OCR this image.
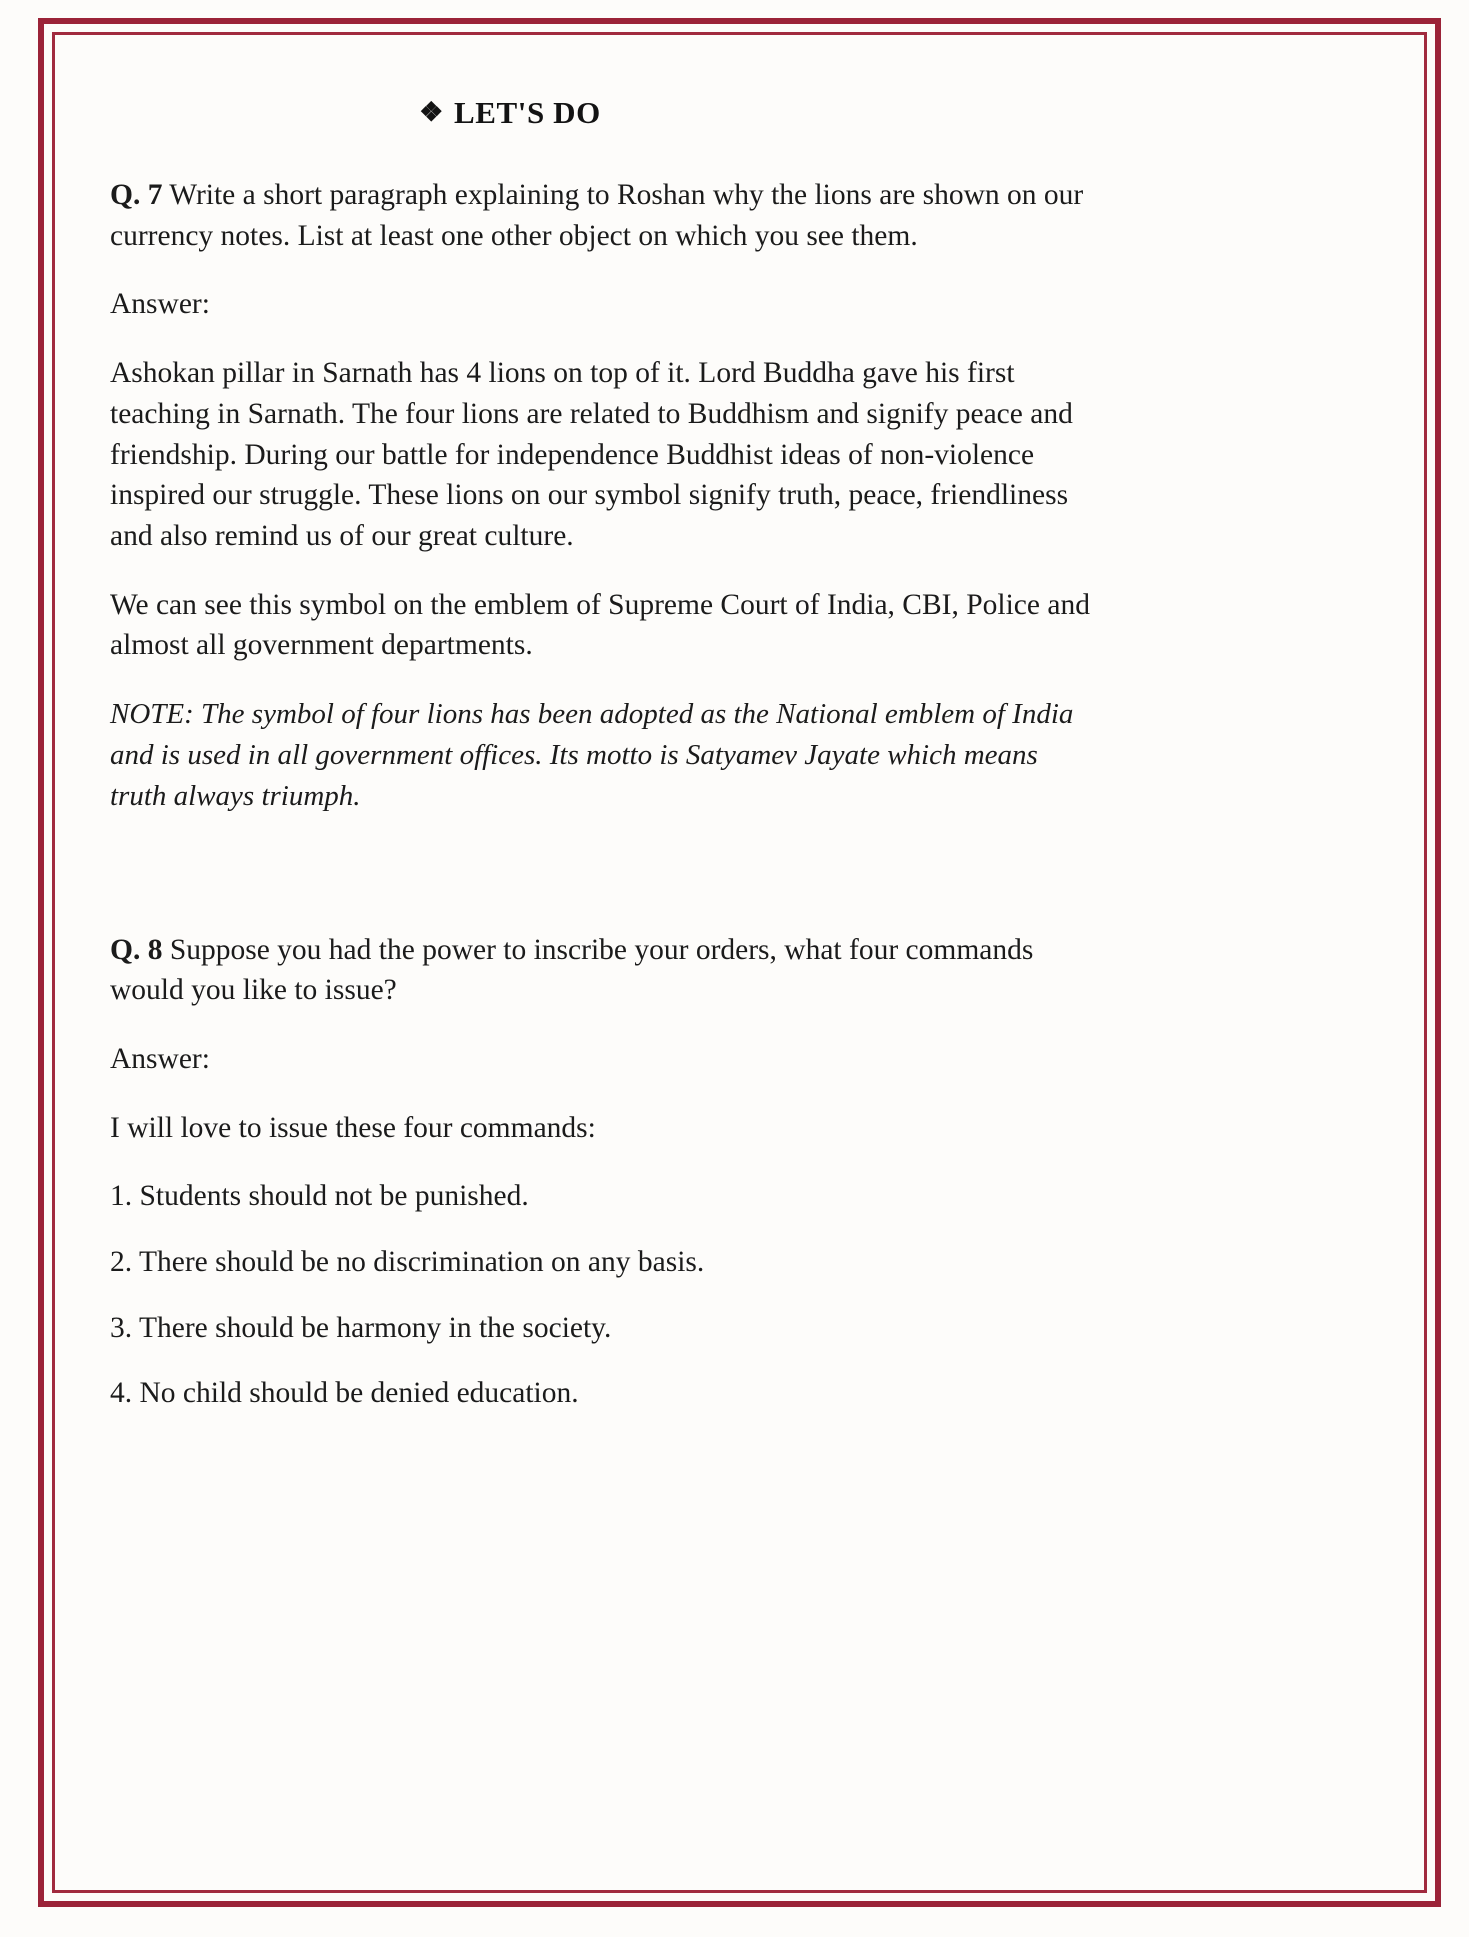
❖ LET'S DO

Q. 7 Write a short paragraph explaining to Roshan why the lions are shown on our currency notes. List at least one other object on which you see them.

Answer:

Ashokan pillar in Sarnath has 4 lions on top of it. Lord Buddha gave his first teaching in Sarnath. The four lions are related to Buddhism and signify peace and friendship. During our battle for independence Buddhist ideas of non-violence inspired our struggle. These lions on our symbol signify truth, peace, friendliness and also remind us of our great culture.

We can see this symbol on the emblem of Supreme Court of India, CBI, Police and almost all government departments.

NOTE: The symbol of four lions has been adopted as the National emblem of India and is used in all government offices. Its motto is Satyamev Jayate which means truth always triumph.

Q. 8 Suppose you had the power to inscribe your orders, what four commands would you like to issue?

Answer:

I will love to issue these four commands:

1. Students should not be punished.

2. There should be no discrimination on any basis.

3. There should be harmony in the society.

4. No child should be denied education.
